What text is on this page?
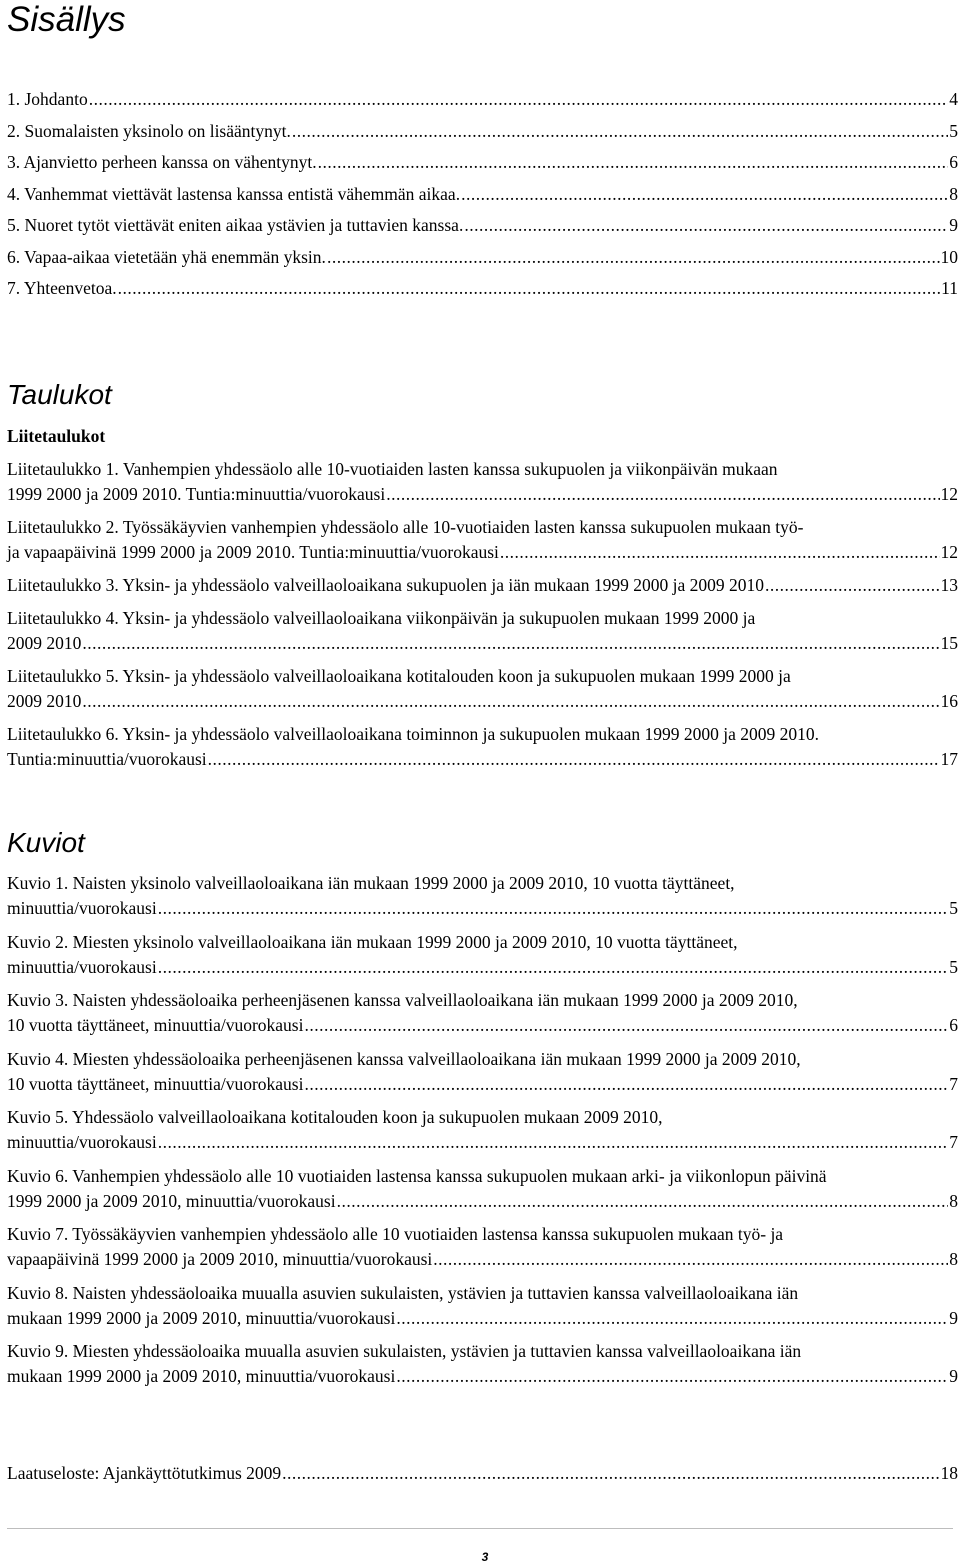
Sisällys
1. Johdanto .....	4
2. Suomalaisten yksinolo on lisääntynyt. .....	5
3. Ajanvietto perheen kanssa on vähentynyt. .....	6
4. Vanhemmat viettävät lastensa kanssa entistä vähemmän aikaa. .....	8
5. Nuoret tytöt viettävät eniten aikaa ystävien ja tuttavien kanssa. .....	9
6. Vapaa-aikaa vietetään yhä enemmän yksin. .....	10
7. Yhteenvetoa. .....	11
Taulukot
Liitetaulukot
Liitetaulukko 1. Vanhempien yhdessäolo alle 10-vuotiaiden lasten kanssa sukupuolen ja viikonpäivän mukaan
1999 2000 ja 2009 2010. Tuntia:minuuttia/vuorokausi .....	12
Liitetaulukko 2. Työssäkäyvien vanhempien yhdessäolo alle 10-vuotiaiden lasten kanssa sukupuolen mukaan työ-
ja vapaapäivinä 1999 2000 ja 2009 2010. Tuntia:minuuttia/vuorokausi .....	12
Liitetaulukko 3. Yksin- ja yhdessäolo valveillaoloaikana sukupuolen ja iän mukaan 1999 2000 ja 2009 2010 .....	13
Liitetaulukko 4. Yksin- ja yhdessäolo valveillaoloaikana viikonpäivän ja sukupuolen mukaan 1999 2000 ja
2009 2010 .....	15
Liitetaulukko 5. Yksin- ja yhdessäolo valveillaoloaikana kotitalouden koon ja sukupuolen mukaan 1999 2000 ja
2009 2010 .....	16
Liitetaulukko 6. Yksin- ja yhdessäolo valveillaoloaikana toiminnon ja sukupuolen mukaan 1999 2000 ja 2009 2010.
Tuntia:minuuttia/vuorokausi .....	17
Kuviot
Kuvio 1. Naisten yksinolo valveillaoloaikana iän mukaan 1999 2000 ja 2009 2010, 10 vuotta täyttäneet,
minuuttia/vuorokausi .....	5
Kuvio 2. Miesten yksinolo valveillaoloaikana iän mukaan 1999 2000 ja 2009 2010, 10 vuotta täyttäneet,
minuuttia/vuorokausi .....	5
Kuvio 3. Naisten yhdessäoloaika perheenjäsenen kanssa valveillaoloaikana iän mukaan 1999 2000 ja 2009 2010,
10 vuotta täyttäneet, minuuttia/vuorokausi .....	6
Kuvio 4. Miesten yhdessäoloaika perheenjäsenen kanssa valveillaoloaikana iän mukaan 1999 2000 ja 2009 2010,
10 vuotta täyttäneet, minuuttia/vuorokausi .....	7
Kuvio 5. Yhdessäolo valveillaoloaikana kotitalouden koon ja sukupuolen mukaan 2009 2010,
minuuttia/vuorokausi .....	7
Kuvio 6. Vanhempien yhdessäolo alle 10 vuotiaiden lastensa kanssa sukupuolen mukaan arki- ja viikonlopun päivinä
1999 2000 ja 2009 2010, minuuttia/vuorokausi .....	8
Kuvio 7. Työssäkäyvien vanhempien yhdessäolo alle 10 vuotiaiden lastensa kanssa sukupuolen mukaan työ- ja
vapaapäivinä 1999 2000 ja 2009 2010, minuuttia/vuorokausi .....	8
Kuvio 8. Naisten yhdessäoloaika muualla asuvien sukulaisten, ystävien ja tuttavien kanssa valveillaoloaikana iän
mukaan 1999 2000 ja 2009 2010, minuuttia/vuorokausi .....	9
Kuvio 9. Miesten yhdessäoloaika muualla asuvien sukulaisten, ystävien ja tuttavien kanssa valveillaoloaikana iän
mukaan 1999 2000 ja 2009 2010, minuuttia/vuorokausi .....	9
Laatuseloste: Ajankäyttötutkimus 2009 .....	18
3
